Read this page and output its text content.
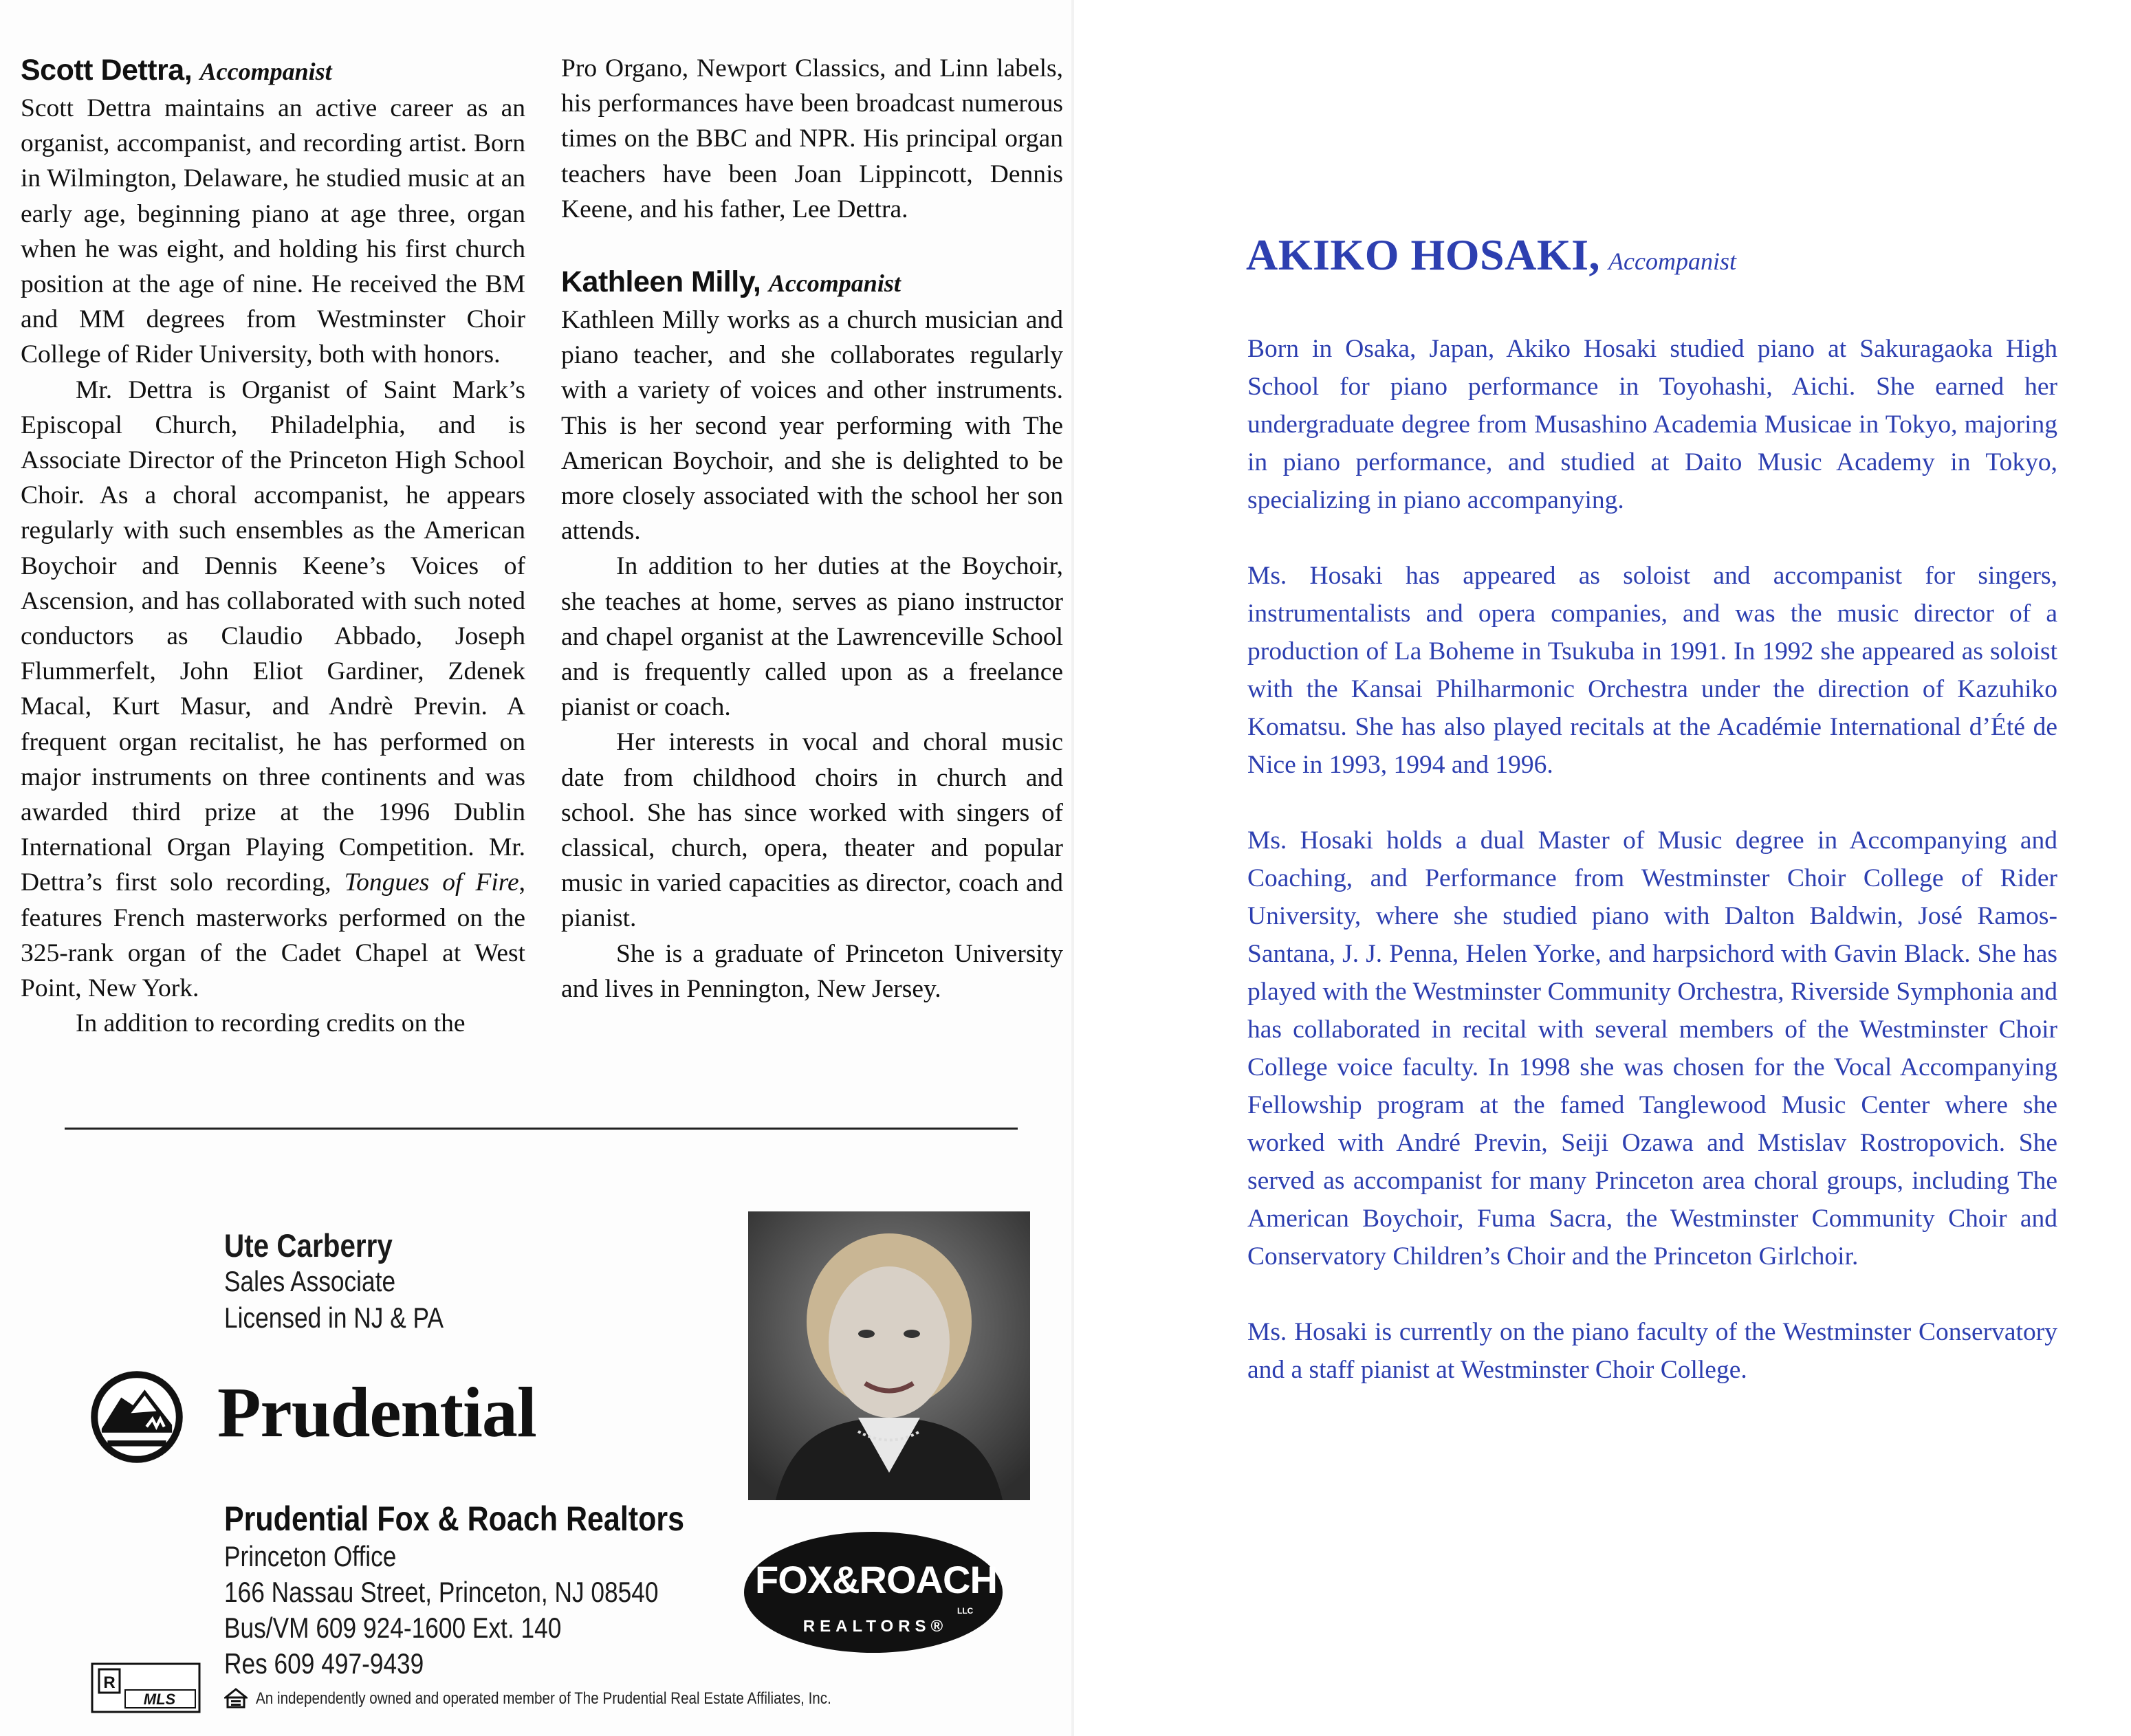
Scott Dettra, Accompanist

Scott Dettra maintains an active career as an organist, accompanist, and recording artist. Born in Wilmington, Delaware, he studied music at an early age, beginning piano at age three, organ when he was eight, and holding his first church position at the age of nine. He received the BM and MM degrees from Westminster Choir College of Rider University, both with honors.

Mr. Dettra is Organist of Saint Mark’s Episcopal Church, Philadelphia, and is Associate Director of the Princeton High School Choir. As a choral accompanist, he appears regularly with such ensembles as the American Boychoir and Dennis Keene’s Voices of Ascension, and has collaborated with such noted conductors as Claudio Abbado, Joseph Flummerfelt, John Eliot Gardiner, Zdenek Macal, Kurt Masur, and Andrè Previn. A frequent organ recitalist, he has performed on major instruments on three continents and was awarded third prize at the 1996 Dublin International Organ Playing Competition. Mr. Dettra’s first solo recording, Tongues of Fire, features French masterworks performed on the 325-rank organ of the Cadet Chapel at West Point, New York.

In addition to recording credits on the

Pro Organo, Newport Classics, and Linn labels, his performances have been broadcast numerous times on the BBC and NPR. His principal organ teachers have been Joan Lippincott, Dennis Keene, and his father, Lee Dettra.

Kathleen Milly, Accompanist

Kathleen Milly works as a church musician and piano teacher, and she collaborates regularly with a variety of voices and other instruments. This is her second year performing with The American Boychoir, and she is delighted to be more closely associated with the school her son attends.

In addition to her duties at the Boychoir, she teaches at home, serves as piano instructor and chapel organist at the Lawrenceville School and is frequently called upon as a freelance pianist or coach.

Her interests in vocal and choral music date from childhood choirs in church and school. She has since worked with singers of classical, church, opera, theater and popular music in varied capacities as director, coach and pianist.

She is a graduate of Princeton University and lives in Pennington, New Jersey.

Ute Carberry
Sales Associate
Licensed in NJ & PA
Prudential
Prudential Fox & Roach Realtors
Princeton Office
166 Nassau Street, Princeton, NJ 08540
Bus/VM 609 924-1600 Ext. 140
Res 609 497-9439
FOX&ROACH
LLC
REALTORS®
R
MLS	An independently owned and operated member of The Prudential Real Estate Affiliates, Inc.
AKIKO HOSAKI, Accompanist

Born in Osaka, Japan, Akiko Hosaki studied piano at Sakuragaoka High School for piano performance in Toyohashi, Aichi. She earned her undergraduate degree from Musashino Academia Musicae in Tokyo, majoring in piano performance, and studied at Daito Music Academy in Tokyo, specializing in piano accompanying.

Ms. Hosaki has appeared as soloist and accompanist for singers, instrumentalists and opera companies, and was the music director of a production of La Boheme in Tsukuba in 1991. In 1992 she appeared as soloist with the Kansai Philharmonic Orchestra under the direction of Kazuhiko Komatsu. She has also played recitals at the Académie International d’Été de Nice in 1993, 1994 and 1996.

Ms. Hosaki holds a dual Master of Music degree in Accompanying and Coaching, and Performance from Westminster Choir College of Rider University, where she studied piano with Dalton Baldwin, José Ramos-Santana, J. J. Penna, Helen Yorke, and harpsichord with Gavin Black. She has played with the Westminster Community Orchestra, Riverside Symphonia and has collaborated in recital with several members of the Westminster Choir College voice faculty. In 1998 she was chosen for the Vocal Accompanying Fellowship program at the famed Tanglewood Music Center where she worked with André Previn, Seiji Ozawa and Mstislav Rostropovich. She served as accompanist for many Princeton area choral groups, including The American Boychoir, Fuma Sacra, the Westminster Community Choir and Conservatory Children’s Choir and the Princeton Girlchoir.

Ms. Hosaki is currently on the piano faculty of the Westminster Conservatory and a staff pianist at Westminster Choir College.
